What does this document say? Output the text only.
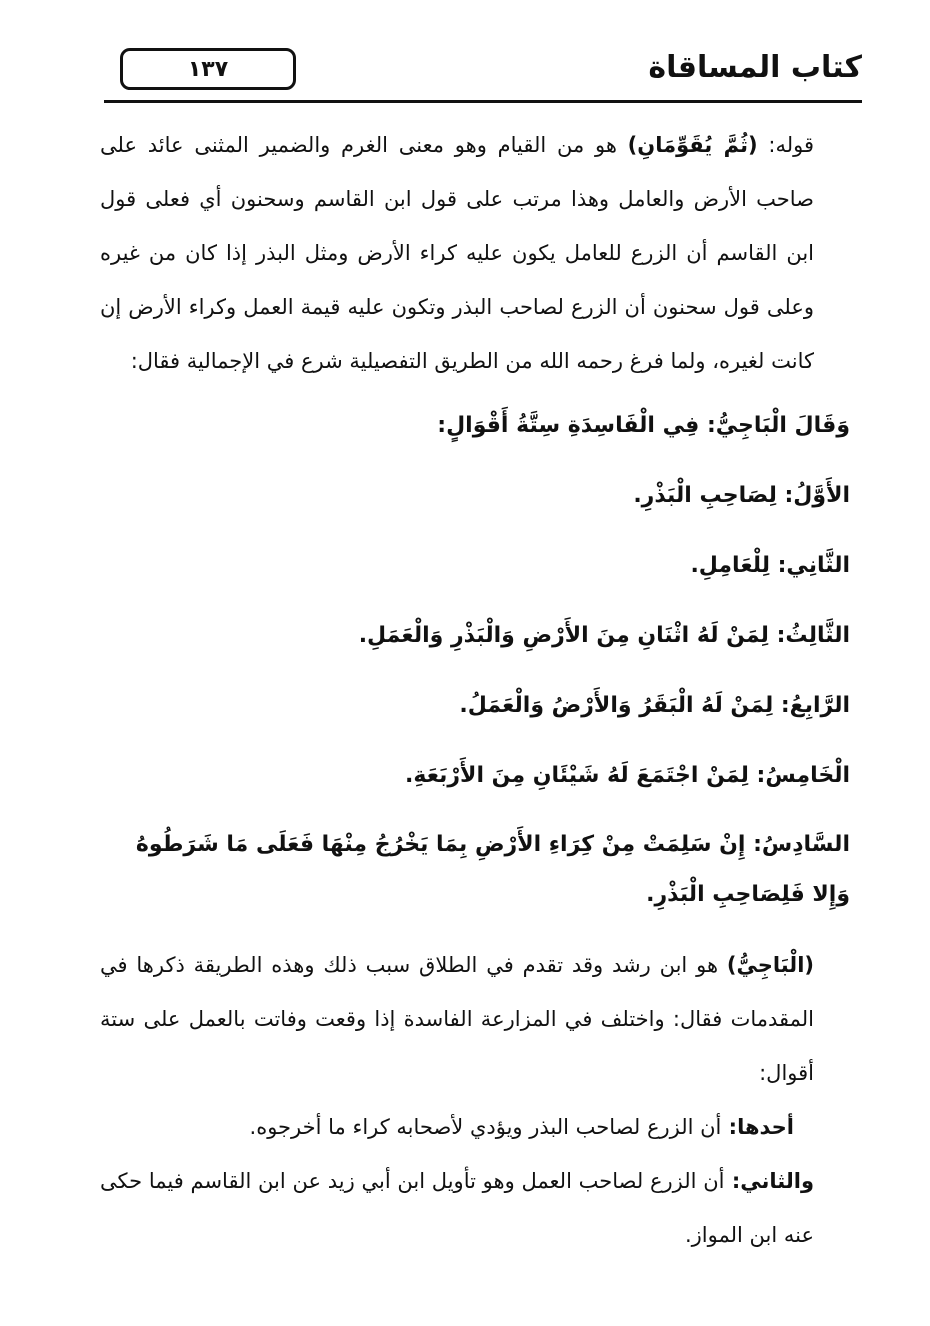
١٣٧	كتاب المساقاة

قوله: (ثُمَّ يُقَوِّمَانِ) هو من القيام وهو معنى الغرم والضمير المثنى عائد على صاحب الأرض والعامل وهذا مرتب على قول ابن القاسم وسحنون أي فعلى قول ابن القاسم أن الزرع للعامل يكون عليه كراء الأرض ومثل البذر إذا كان من غيره وعلى قول سحنون أن الزرع لصاحب البذر وتكون عليه قيمة العمل وكراء الأرض إن كانت لغيره، ولما فرغ رحمه الله من الطريق التفصيلية شرع في الإجمالية فقال:

وَقَالَ الْبَاجِيُّ: فِي الْفَاسِدَةِ سِتَّةُ أَقْوَالٍ:

الأَوَّلُ: لِصَاحِبِ الْبَذْرِ.

الثَّانِي: لِلْعَامِلِ.

الثَّالِثُ: لِمَنْ لَهُ اثْنَانِ مِنَ الأَرْضِ وَالْبَذْرِ وَالْعَمَلِ.

الرَّابِعُ: لِمَنْ لَهُ الْبَقَرُ وَالأَرْضُ وَالْعَمَلُ.

الْخَامِسُ: لِمَنْ اجْتَمَعَ لَهُ شَيْئَانِ مِنَ الأَرْبَعَةِ.

السَّادِسُ: إِنْ سَلِمَتْ مِنْ كِرَاءِ الأَرْضِ بِمَا يَخْرُجُ مِنْهَا فَعَلَى مَا شَرَطُوهُ وَإِلا فَلِصَاحِبِ الْبَذْرِ.

(الْبَاجِيُّ) هو ابن رشد وقد تقدم في الطلاق سبب ذلك وهذه الطريقة ذكرها في المقدمات فقال: واختلف في المزارعة الفاسدة إذا وقعت وفاتت بالعمل على ستة أقوال:

أحدها: أن الزرع لصاحب البذر ويؤدي لأصحابه كراء ما أخرجوه.

والثاني: أن الزرع لصاحب العمل وهو تأويل ابن أبي زيد عن ابن القاسم فيما حكى عنه ابن المواز.
